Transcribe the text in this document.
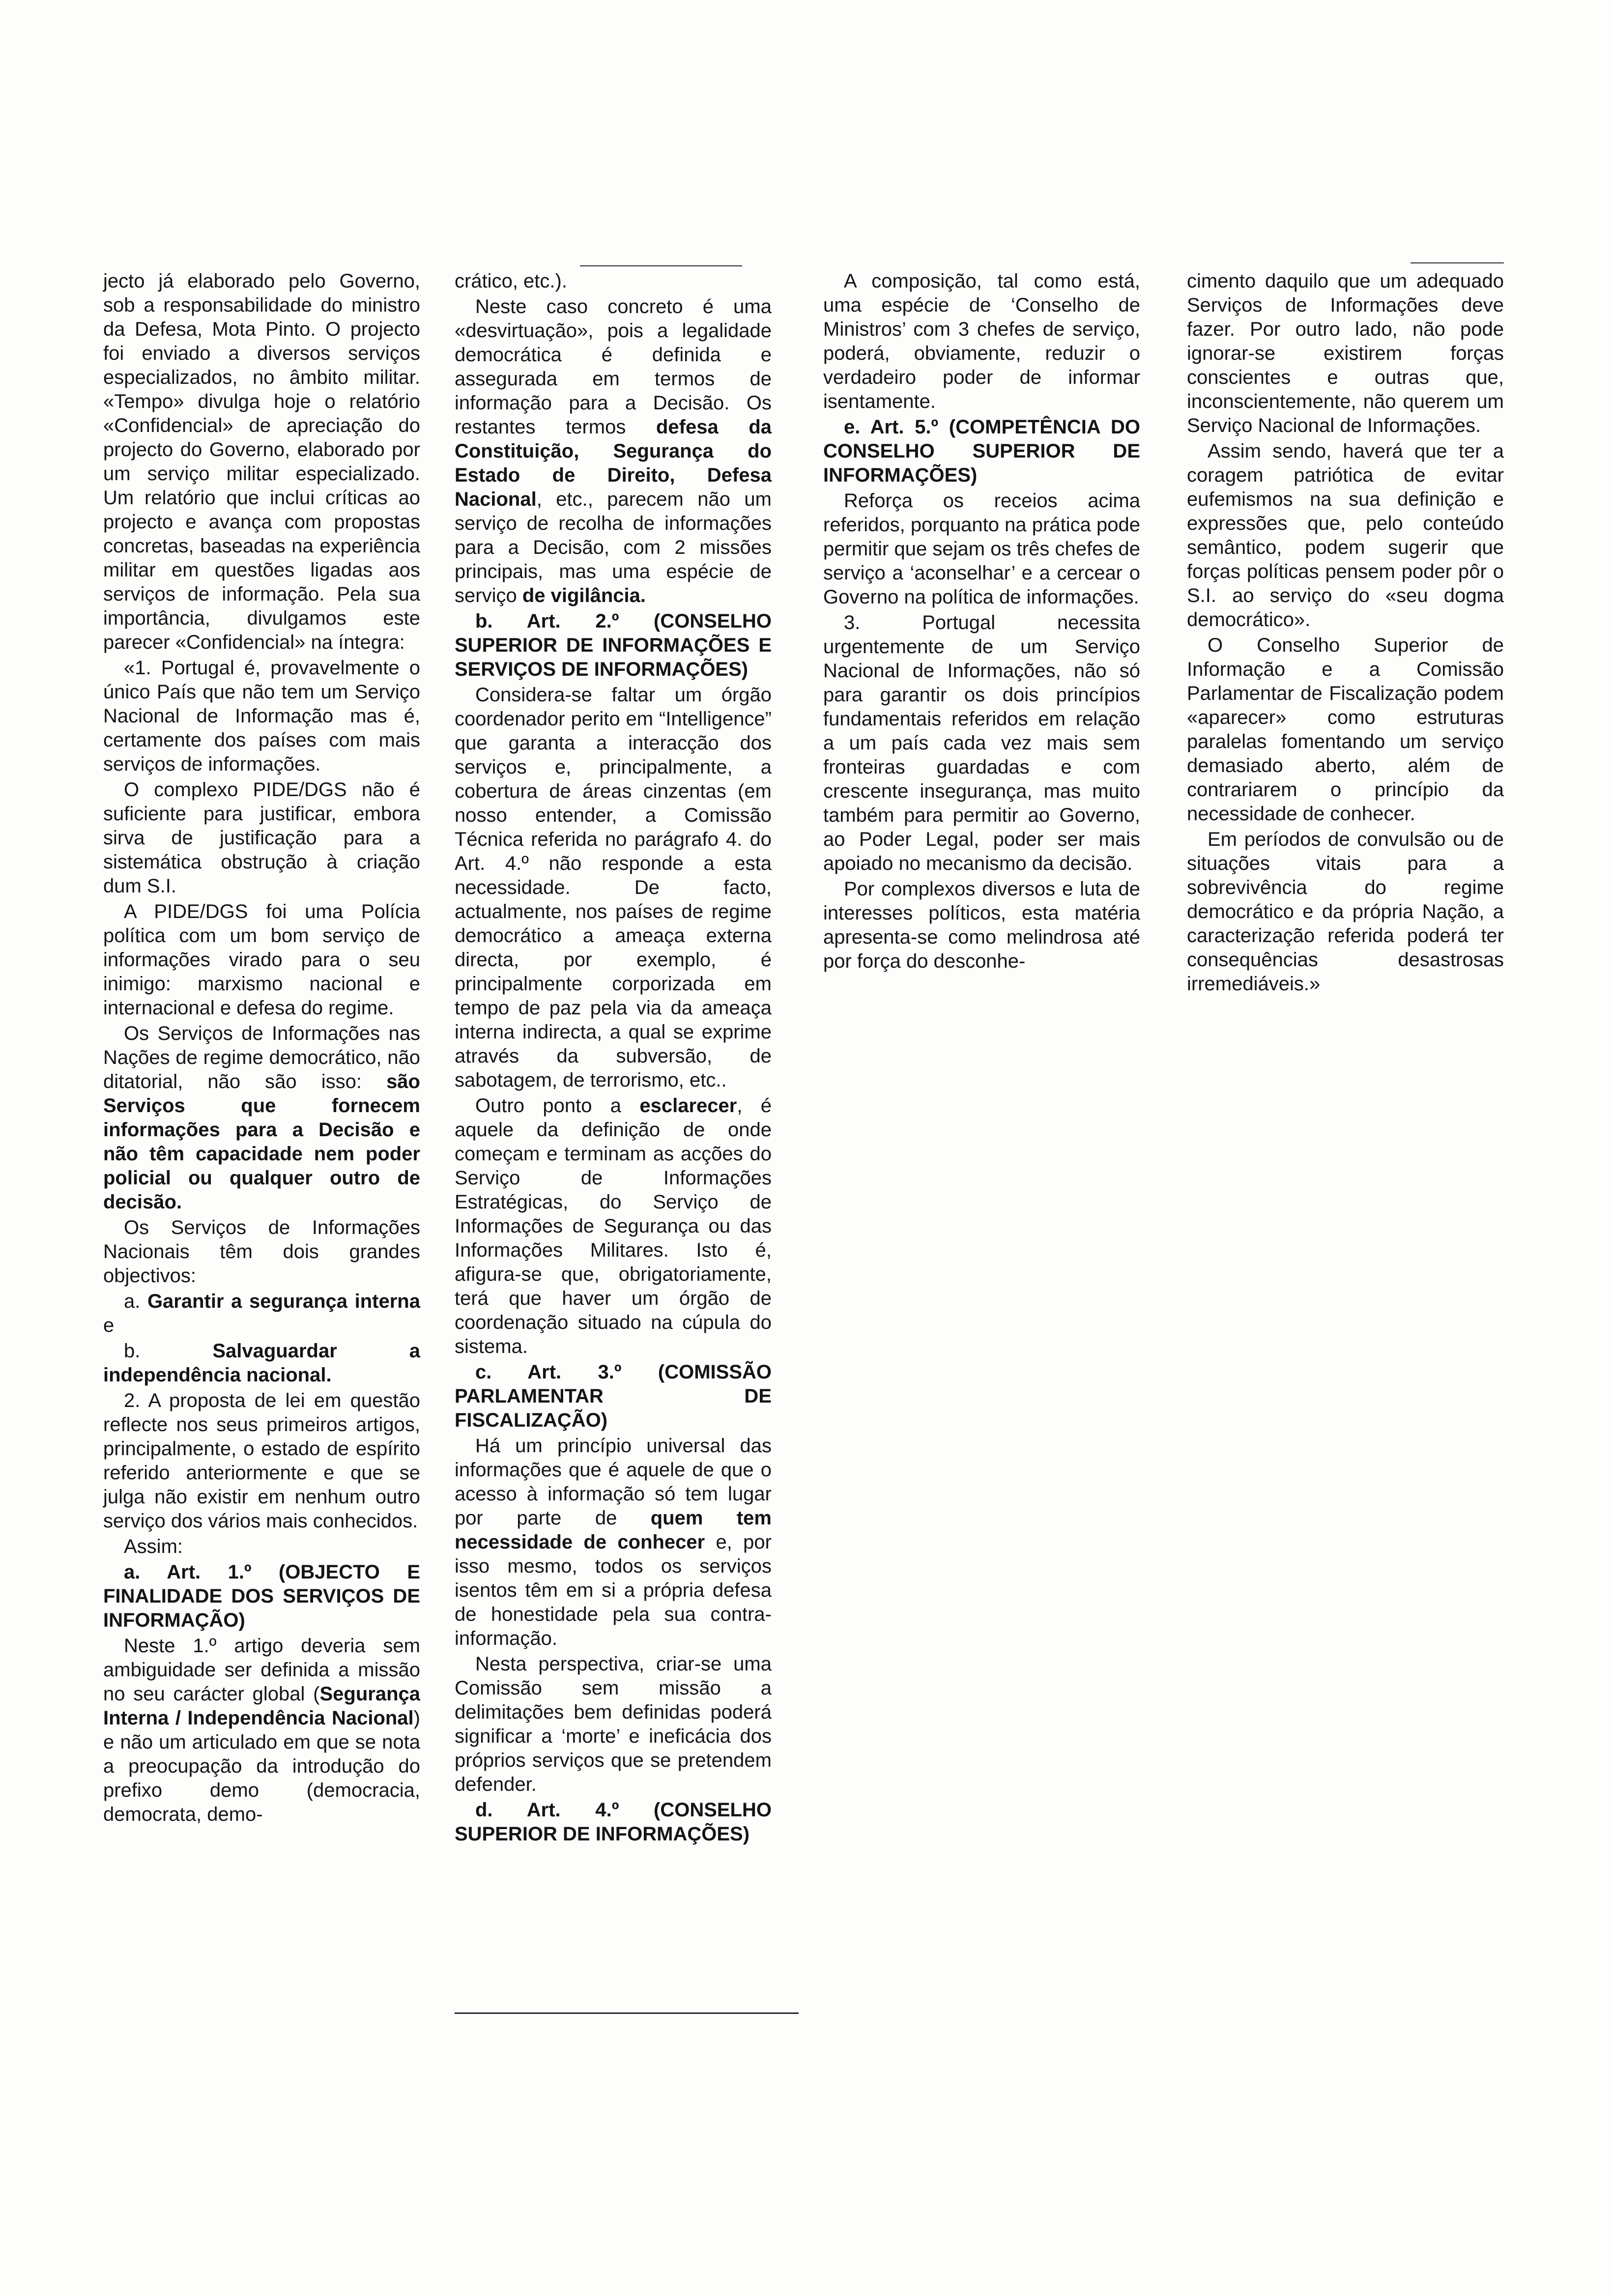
jecto já elaborado pelo Governo, sob a responsabilidade do ministro da Defesa, Mota Pinto. O projecto foi enviado a diversos serviços especializados, no âmbito militar. «Tempo» divulga hoje o relatório «Confidencial» de apreciação do projecto do Governo, elaborado por um serviço militar especializado. Um relatório que inclui críticas ao projecto e avança com propostas concretas, baseadas na experiência militar em questões ligadas aos serviços de informação. Pela sua importância, divulgamos este parecer «Confidencial» na íntegra:

«1. Portugal é, provavelmente o único País que não tem um Serviço Nacional de Informação mas é, certamente dos países com mais serviços de informações.

O complexo PIDE/DGS não é suficiente para justificar, embora sirva de justificação para a sistemática obstrução à criação dum S.I.

A PIDE/DGS foi uma Polícia política com um bom serviço de informações virado para o seu inimigo: marxismo nacional e internacional e defesa do regime.

Os Serviços de Informações nas Nações de regime democrático, não ditatorial, não são isso: são Serviços que fornecem informações para a Decisão e não têm capacidade nem poder policial ou qualquer outro de decisão.

Os Serviços de Informações Nacionais têm dois grandes objectivos:

a. Garantir a segurança interna e

b. Salvaguardar a independência nacional.

2. A proposta de lei em questão reflecte nos seus primeiros artigos, principalmente, o estado de espírito referido anteriormente e que se julga não existir em nenhum outro serviço dos vários mais conhecidos.

Assim:

a. Art. 1.º (OBJECTO E FINALIDADE DOS SERVIÇOS DE INFORMAÇÃO)

Neste 1.º artigo deveria sem ambiguidade ser definida a missão no seu carácter global (Segurança Interna / Independência Nacional) e não um articulado em que se nota a preocupação da introdução do prefixo demo (democracia, democrata, demo-

crático, etc.).

Neste caso concreto é uma «desvirtuação», pois a legalidade democrática é definida e assegurada em termos de informação para a Decisão. Os restantes termos defesa da Constituição, Segurança do Estado de Direito, Defesa Nacional, etc., parecem não um serviço de recolha de informações para a Decisão, com 2 missões principais, mas uma espécie de serviço de vigilância.

b. Art. 2.º (CONSELHO SUPERIOR DE INFORMAÇÕES E SERVIÇOS DE INFORMAÇÕES)

Considera-se faltar um órgão coordenador perito em “Intelligence” que garanta a interacção dos serviços e, principalmente, a cobertura de áreas cinzentas (em nosso entender, a Comissão Técnica referida no parágrafo 4. do Art. 4.º não responde a esta necessidade. De facto, actualmente, nos países de regime democrático a ameaça externa directa, por exemplo, é principalmente corporizada em tempo de paz pela via da ameaça interna indirecta, a qual se exprime através da subversão, de sabotagem, de terrorismo, etc..

Outro ponto a esclarecer, é aquele da definição de onde começam e terminam as acções do Serviço de Informações Estratégicas, do Serviço de Informações de Segurança ou das Informações Militares. Isto é, afigura-se que, obrigatoriamente, terá que haver um órgão de coordenação situado na cúpula do sistema.

c. Art. 3.º (COMISSÃO PARLAMENTAR DE FISCALIZAÇÃO)

Há um princípio universal das informações que é aquele de que o acesso à informação só tem lugar por parte de quem tem necessidade de conhecer e, por isso mesmo, todos os serviços isentos têm em si a própria defesa de honestidade pela sua contra-informação.

Nesta perspectiva, criar-se uma Comissão sem missão a delimitações bem definidas poderá significar a ‘morte’ e ineficácia dos próprios serviços que se pretendem defender.

d. Art. 4.º (CONSELHO SUPERIOR DE INFORMAÇÕES)

A composição, tal como está, uma espécie de ‘Conselho de Ministros’ com 3 chefes de serviço, poderá, obviamente, reduzir o verdadeiro poder de informar isentamente.

e. Art. 5.º (COMPETÊNCIA DO CONSELHO SUPERIOR DE INFORMAÇÕES)

Reforça os receios acima referidos, porquanto na prática pode permitir que sejam os três chefes de serviço a ‘aconselhar’ e a cercear o Governo na política de informações.

3. Portugal necessita urgentemente de um Serviço Nacional de Informações, não só para garantir os dois princípios fundamentais referidos em relação a um país cada vez mais sem fronteiras guardadas e com crescente insegurança, mas muito também para permitir ao Governo, ao Poder Legal, poder ser mais apoiado no mecanismo da decisão.

Por complexos diversos e luta de interesses políticos, esta matéria apresenta-se como melindrosa até por força do desconhe-

cimento daquilo que um adequado Serviços de Informações deve fazer. Por outro lado, não pode ignorar-se existirem forças conscientes e outras que, inconscientemente, não querem um Serviço Nacional de Informações.

Assim sendo, haverá que ter a coragem patriótica de evitar eufemismos na sua definição e expressões que, pelo conteúdo semântico, podem sugerir que forças políticas pensem poder pôr o S.I. ao serviço do «seu dogma democrático».

O Conselho Superior de Informação e a Comissão Parlamentar de Fiscalização podem «aparecer» como estruturas paralelas fomentando um serviço demasiado aberto, além de contrariarem o princípio da necessidade de conhecer.

Em períodos de convulsão ou de situações vitais para a sobrevivência do regime democrático e da própria Nação, a caracterização referida poderá ter consequências desastrosas irremediáveis.»
